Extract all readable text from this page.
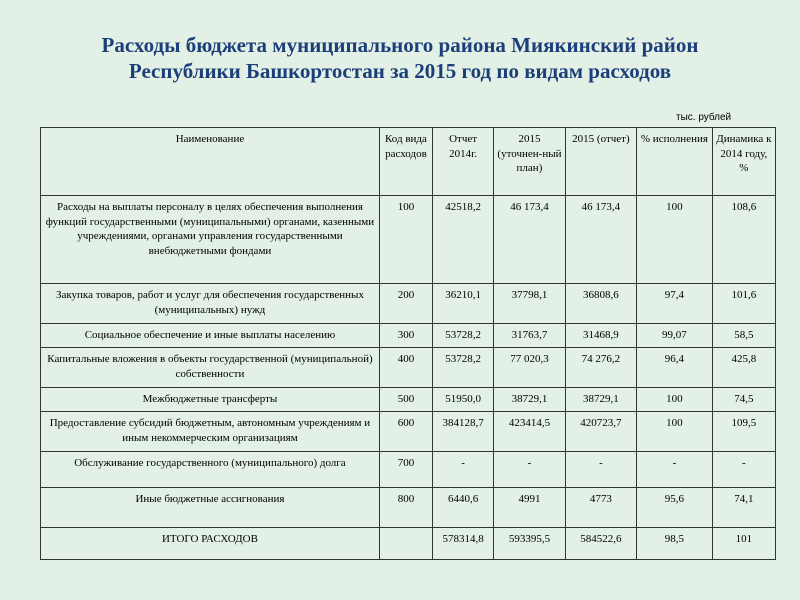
Расходы бюджета муниципального района Миякинский район
Республики Башкортостан за 2015 год по видам расходов
тыс. рублей
Наименование	Код вида расходов	Отчет 2014г.	2015 (уточнен-ный план)	2015 (отчет)	% исполнения	Динамика к 2014 году, %
Расходы на выплаты персоналу в целях обеспечения выполнения функций государственными (муниципальными) органами, казенными учреждениями, органами управления государственными внебюджетными фондами	100	42518,2	46 173,4	46 173,4	100	108,6
Закупка товаров, работ и услуг для обеспечения государственных (муниципальных) нужд	200	36210,1	37798,1	36808,6	97,4	101,6
Социальное обеспечение и иные выплаты населению	300	53728,2	31763,7	31468,9	99,07	58,5
Капитальные вложения в объекты государственной (муниципальной) собственности	400	53728,2	77 020,3	74 276,2	96,4	425,8
Межбюджетные трансферты	500	51950,0	38729,1	38729,1	100	74,5
Предоставление субсидий бюджетным, автономным учреждениям и иным некоммерческим организациям	600	384128,7	423414,5	420723,7	100	109,5
Обслуживание государственного (муниципального) долга	700	-	-	-	-	-
Иные бюджетные ассигнования	800	6440,6	4991	4773	95,6	74,1
ИТОГО РАСХОДОВ		578314,8	593395,5	584522,6	98,5	101
